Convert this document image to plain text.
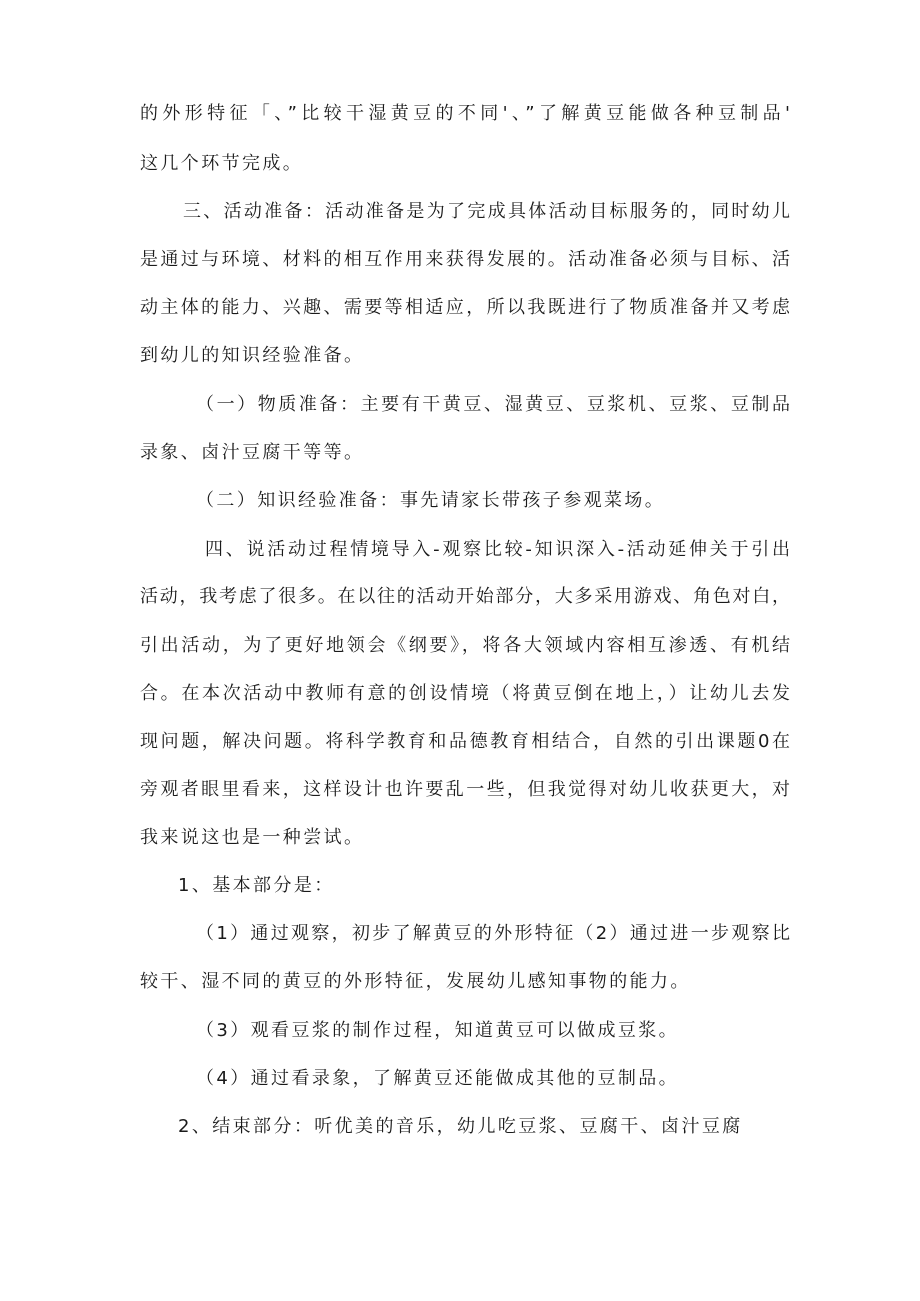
的外形特征「、”比较干湿黄豆的不同'、”了解黄豆能做各种豆制品'

这几个环节完成。

三、活动准备：活动准备是为了完成具体活动目标服务的，同时幼儿

是通过与环境、材料的相互作用来获得发展的。活动准备必须与目标、活

动主体的能力、兴趣、需要等相适应，所以我既进行了物质准备并又考虑

到幼儿的知识经验准备。

（一）物质准备：主要有干黄豆、湿黄豆、豆浆机、豆浆、豆制品

录象、卤汁豆腐干等等。

（二）知识经验准备：事先请家长带孩子参观菜场。

四、说活动过程情境导入-观察比较-知识深入-活动延伸关于引出

活动，我考虑了很多。在以往的活动开始部分，大多采用游戏、角色对白，

引出活动，为了更好地领会《纲要》，将各大领域内容相互渗透、有机结

合。在本次活动中教师有意的创设情境（将黄豆倒在地上，）让幼儿去发

现问题，解决问题。将科学教育和品德教育相结合，自然的引出课题0在

旁观者眼里看来，这样设计也许要乱一些，但我觉得对幼儿收获更大，对

我来说这也是一种尝试。

1、基本部分是：

（1）通过观察，初步了解黄豆的外形特征（2）通过进一步观察比

较干、湿不同的黄豆的外形特征，发展幼儿感知事物的能力。

（3）观看豆浆的制作过程，知道黄豆可以做成豆浆。

（4）通过看录象，了解黄豆还能做成其他的豆制品。

2、结束部分：听优美的音乐，幼儿吃豆浆、豆腐干、卤汁豆腐
